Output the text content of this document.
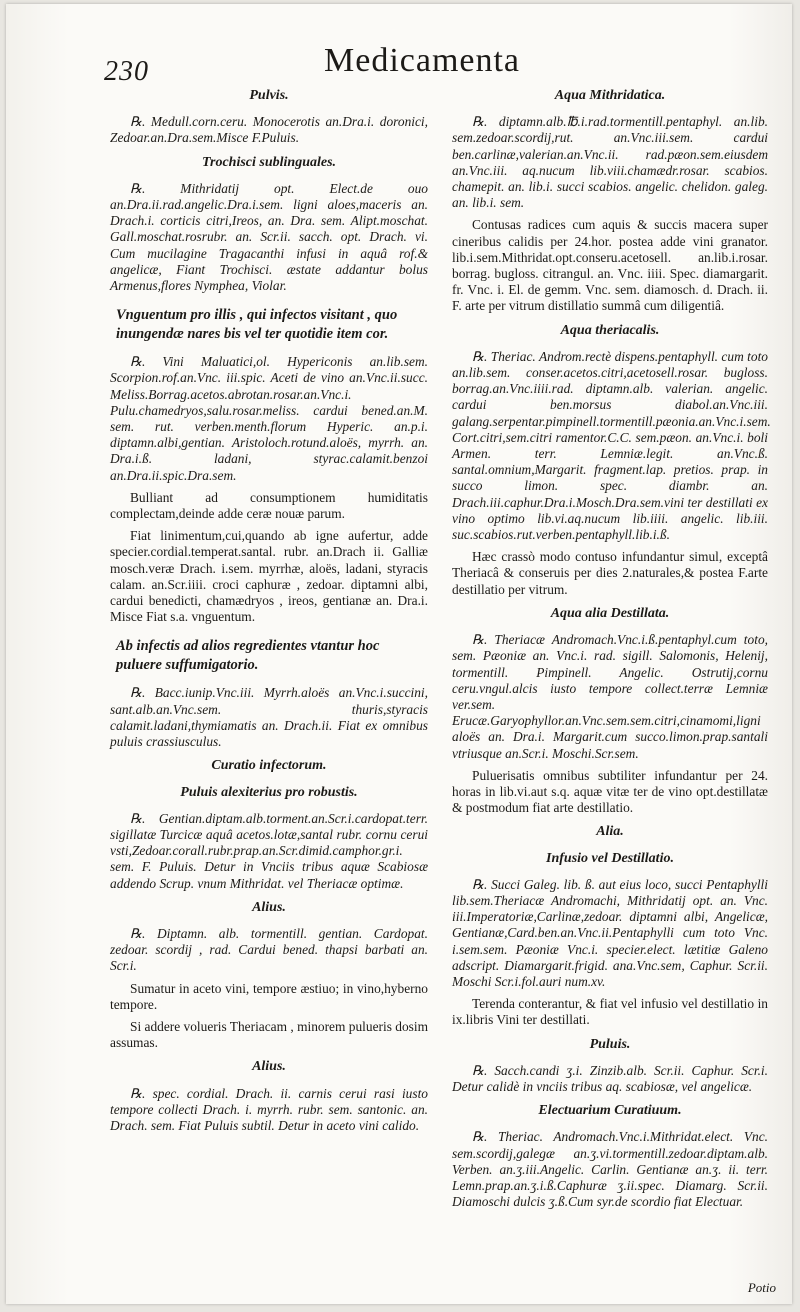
230	Medicamenta
Pulvis.

℞. Medull.corn.ceru. Monocerotis an.Dra.i. doronici, Zedoar.an.Dra.sem.Misce F.Puluis.

Trochisci sublinguales.

℞. Mithridatij opt. Elect.de ouo an.Dra.ii.rad.angelic.Dra.i.sem. ligni aloes,maceris an. Drach.i. corticis citri,Ireos, an. Dra. sem. Alipt.moschat. Gall.moschat.rosrubr. an. Scr.ii. sacch. opt. Drach. vi. Cum mucilagine Tragacanthi infusi in aquâ rof.& angelicæ, Fiant Trochisci. æstate addantur bolus Armenus,flores Nymphea, Violar.

Vnguentum pro illis , qui infectos visitant , quo inungendæ nares bis vel ter quotidie item cor.

℞. Vini Maluatici,ol. Hypericonis an.lib.sem. Scorpion.rof.an.Vnc. iii.spic. Aceti de vino an.Vnc.ii.succ. Meliss.Borrag.acetos.abrotan.rosar.an.Vnc.i. Pulu.chamedryos,salu.rosar.meliss. cardui bened.an.M. sem. rut. verben.menth.florum Hyperic. an.p.i. diptamn.albi,gentian. Aristoloch.rotund.aloës, myrrh. an. Dra.i.ß. ladani, styrac.calamit.benzoi an.Dra.ii.spic.Dra.sem.

Bulliant ad consumptionem humiditatis complectam,deinde adde ceræ nouæ parum.

Fiat linimentum,cui,quando ab igne aufertur, adde specier.cordial.temperat.santal. rubr. an.Drach ii. Galliæ mosch.veræ Drach. i.sem. myrrhæ, aloës, ladani, styracis calam. an.Scr.iiii. croci caphuræ , zedoar. diptamni albi, cardui benedicti, chamædryos , ireos, gentianæ an. Dra.i. Misce Fiat s.a. vnguentum.

Ab infectis ad alios regredientes vtantur hoc puluere suffumigatorio.

℞. Bacc.iunip.Vnc.iii. Myrrh.aloës an.Vnc.i.succini, sant.alb.an.Vnc.sem. thuris,styracis calamit.ladani,thymiamatis an. Drach.ii. Fiat ex omnibus puluis crassiusculus.

Curatio infectorum.
Puluis alexiterius pro robustis.

℞. Gentian.diptam.alb.torment.an.Scr.i.cardopat.terr. sigillatæ Turcicæ aquâ acetos.lotæ,santal rubr. cornu cerui vsti,Zedoar.corall.rubr.prap.an.Scr.dimid.camphor.gr.i. sem. F. Puluis. Detur in Vnciis tribus aquæ Scabiosæ addendo Scrup. vnum Mithridat. vel Theriacæ optimæ.

Alius.

℞. Diptamn. alb. tormentill. gentian. Cardopat. zedoar. scordij , rad. Cardui bened. thapsi barbati an. Scr.i.

Sumatur in aceto vini, tempore æstiuo; in vino,hyberno tempore.

Si addere volueris Theriacam , minorem pulueris dosim assumas.

Alius.

℞. spec. cordial. Drach. ii. carnis cerui rasi iusto tempore collecti Drach. i. myrrh. rubr. sem. santonic. an. Drach. sem. Fiat Puluis subtil. Detur in aceto vini calido.

Aqua Mithridatica.

℞. diptamn.alb.℔.i.rad.tormentill.pentaphyl. an.lib. sem.zedoar.scordij,rut. an.Vnc.iii.sem. cardui ben.carlinæ,valerian.an.Vnc.ii. rad.pæon.sem.eiusdem an.Vnc.iii. aq.nucum lib.viii.chamædr.rosar. scabios. chamepit. an. lib.i. succi scabios. angelic. chelidon. galeg. an. lib.i. sem.

Contusas radices cum aquis & succis macera super cineribus calidis per 24.hor. postea adde vini granator. lib.i.sem.Mithridat.opt.conseru.acetosell. an.lib.i.rosar. borrag. bugloss. citrangul. an. Vnc. iiii. Spec. diamargarit. fr. Vnc. i. El. de gemm. Vnc. sem. diamosch. d. Drach. ii. F. arte per vitrum distillatio summâ cum diligentiâ.

Aqua theriacalis.

℞. Theriac. Androm.rectè dispens.pentaphyll. cum toto an.lib.sem. conser.acetos.citri,acetosell.rosar. bugloss. borrag.an.Vnc.iiii.rad. diptamn.alb. valerian. angelic. cardui ben.morsus diabol.an.Vnc.iii. galang.serpentar.pimpinell.tormentill.pæonia.an.Vnc.i.sem. Cort.citri,sem.citri ramentor.C.C. sem.pæon. an.Vnc.i. boli Armen. terr. Lemniæ.legit. an.Vnc.ß. santal.omnium,Margarit. fragment.lap. pretios. prap. in succo limon. spec. diambr. an. Drach.iii.caphur.Dra.i.Mosch.Dra.sem.vini ter destillati ex vino optimo lib.vi.aq.nucum lib.iiii. angelic. lib.iii. suc.scabios.rut.verben.pentaphyll.lib.i.ß.

Hæc crassò modo contuso infundantur simul, exceptâ Theriacâ & conseruis per dies 2.naturales,& postea F.arte destillatio per vitrum.

Aqua alia Destillata.

℞. Theriacæ Andromach.Vnc.i.ß.pentaphyl.cum toto, sem. Pæoniæ an. Vnc.i. rad. sigill. Salomonis, Helenij, tormentill. Pimpinell. Angelic. Ostrutij,cornu ceru.vngul.alcis iusto tempore collect.terræ Lemniæ ver.sem. Erucæ.Garyophyllor.an.Vnc.sem.sem.citri,cinamomi,ligni aloës an. Dra.i. Margarit.cum succo.limon.prap.santali vtriusque an.Scr.i. Moschi.Scr.sem.

Puluerisatis omnibus subtiliter infundantur per 24. horas in lib.vi.aut s.q. aquæ vitæ ter de vino opt.destillatæ & postmodum fiat arte destillatio.

Alia.
Infusio vel Destillatio.

℞. Succi Galeg. lib. ß. aut eius loco, succi Pentaphylli lib.sem.Theriacæ Andromachi, Mithridatij opt. an. Vnc. iii.Imperatoriæ,Carlinæ,zedoar. diptamni albi, Angelicæ, Gentianæ,Card.ben.an.Vnc.ii.Pentaphylli cum toto Vnc. i.sem.sem. Pæoniæ Vnc.i. specier.elect. lætitiæ Galeno adscript. Diamargarit.frigid. ana.Vnc.sem, Caphur. Scr.ii. Moschi Scr.i.fol.auri num.xv.

Terenda conterantur, & fiat vel infusio vel destillatio in ix.libris Vini ter destillati.

Puluis.

℞. Sacch.candi ʒ.i. Zinzib.alb. Scr.ii. Caphur. Scr.i. Detur calidè in vnciis tribus aq. scabiosæ, vel angelicæ.

Electuarium Curatiuum.

℞. Theriac. Andromach.Vnc.i.Mithridat.elect. Vnc. sem.scordij,galegæ an.ʒ.vi.tormentill.zedoar.diptam.alb. Verben. an.ʒ.iii.Angelic. Carlin. Gentianæ an.ʒ. ii. terr. Lemn.prap.an.ʒ.i.ß.Caphuræ ʒ.ii.spec. Diamarg. Scr.ii. Diamoschi dulcis ʒ.ß.Cum syr.de scordio fiat Electuar.

Potio
